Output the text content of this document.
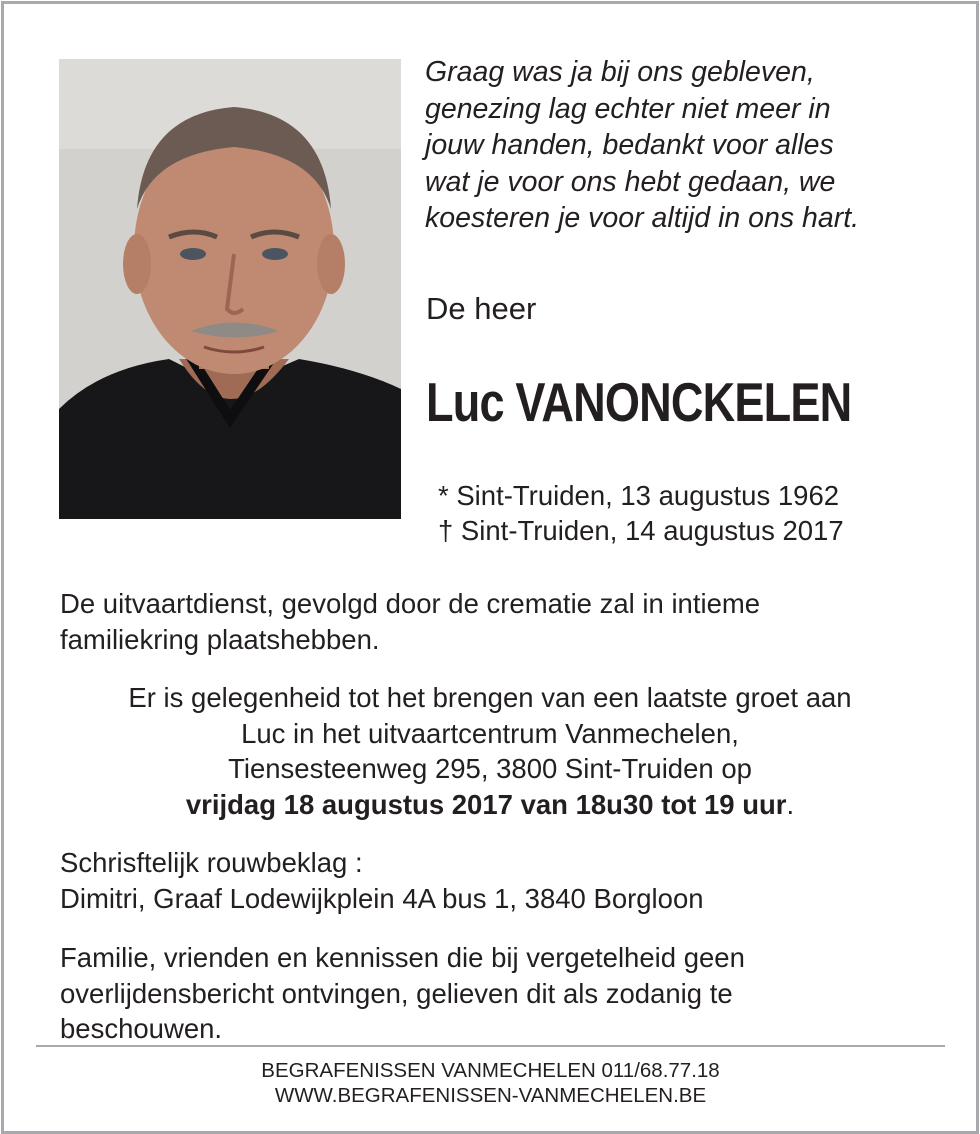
Graag was ja bij ons gebleven,
genezing lag echter niet meer in
jouw handen, bedankt voor alles
wat je voor ons hebt gedaan, we
koesteren je voor altijd in ons hart.
De heer
Luc VANONCKELEN
* Sint-Truiden, 13 augustus 1962
† Sint-Truiden, 14 augustus 2017
De uitvaartdienst, gevolgd door de crematie zal in intieme
familiekring plaatshebben.
Er is gelegenheid tot het brengen van een laatste groet aan
Luc in het uitvaartcentrum Vanmechelen,
Tiensesteenweg 295, 3800 Sint-Truiden op
vrijdag 18 augustus 2017 van 18u30 tot 19 uur.
Schrisftelijk rouwbeklag :
Dimitri, Graaf Lodewijkplein 4A bus 1, 3840 Borgloon
Familie, vrienden en kennissen die bij vergetelheid geen
overlijdensbericht ontvingen, gelieven dit als zodanig te
beschouwen.
BEGRAFENISSEN VANMECHELEN 011/68.77.18
WWW.BEGRAFENISSEN-VANMECHELEN.BE
